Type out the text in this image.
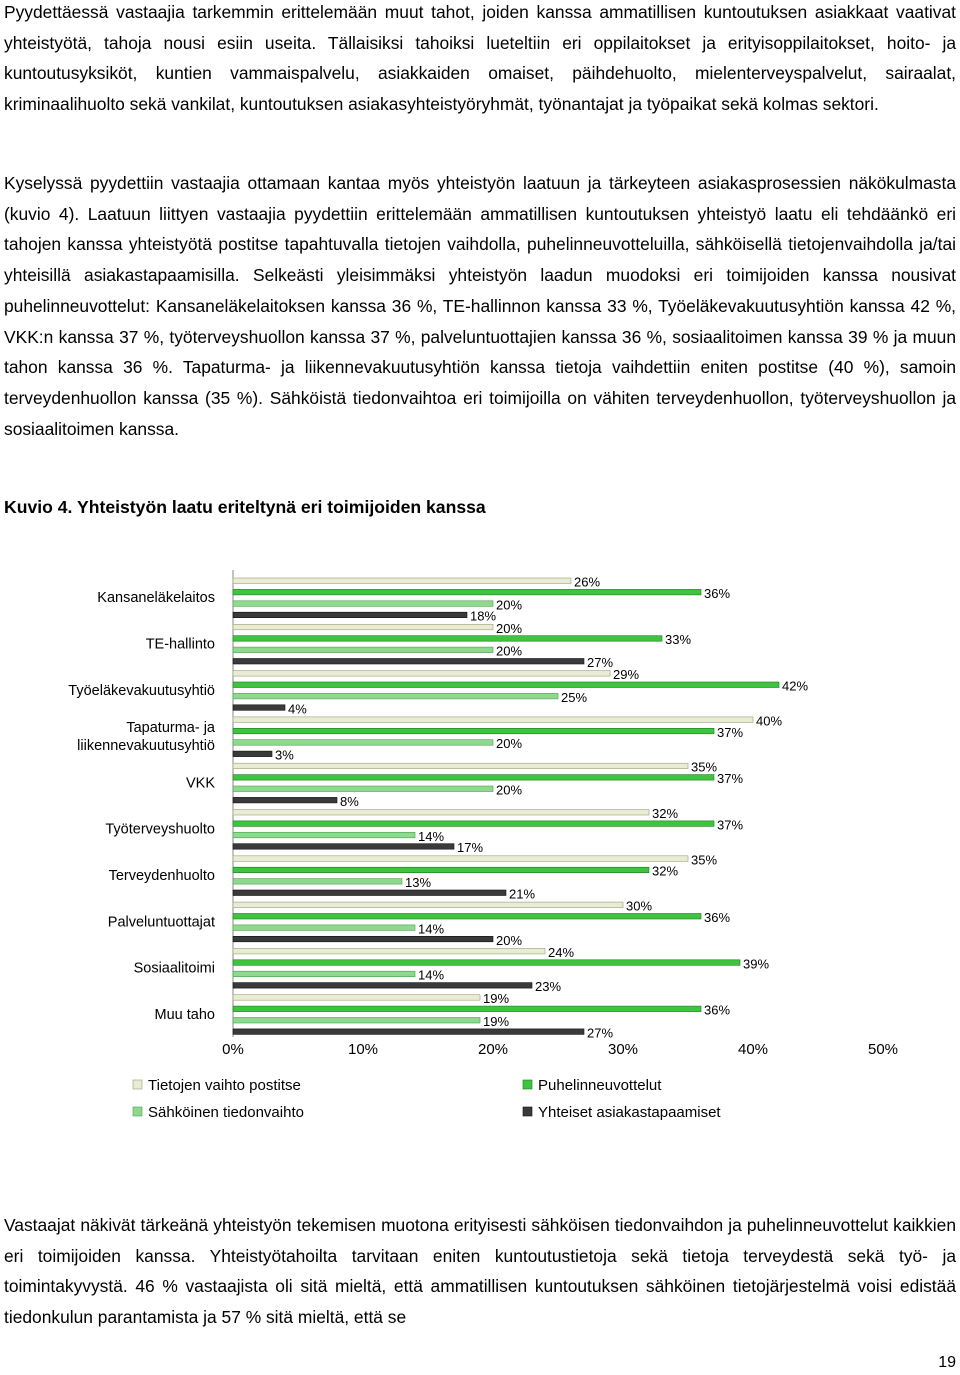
Pyydettäessä vastaajia tarkemmin erittelemään muut tahot, joiden kanssa ammatillisen kuntoutuksen asiakkaat vaativat yhteistyötä, tahoja nousi esiin useita. Tällaisiksi tahoiksi lueteltiin eri oppilaitokset ja erityisoppilaitokset, hoito- ja kuntoutusyksiköt, kuntien vammaispalvelu, asiakkaiden omaiset, päihdehuolto, mielenterveyspalvelut, sairaalat, kriminaalihuolto sekä vankilat, kuntoutuksen asiakasyhteistyöryhmät, työnantajat ja työpaikat sekä kolmas sektori.
Kyselyssä pyydettiin vastaajia ottamaan kantaa myös yhteistyön laatuun ja tärkeyteen asiakasprosessien näkökulmasta (kuvio 4). Laatuun liittyen vastaajia pyydettiin erittelemään ammatillisen kuntoutuksen yhteistyö laatu eli tehdäänkö eri tahojen kanssa yhteistyötä postitse tapahtuvalla tietojen vaihdolla, puhelinneuvotteluilla, sähköisellä tietojenvaihdolla ja/tai yhteisillä asiakastapaamisilla. Selkeästi yleisimmäksi yhteistyön laadun muodoksi eri toimijoiden kanssa nousivat puhelinneuvottelut: Kansaneläkelaitoksen kanssa 36 %, TE-hallinnon kanssa 33 %, Työeläkevakuutusyhtiön kanssa 42 %, VKK:n kanssa 37 %, työterveyshuollon kanssa 37 %, palveluntuottajien kanssa 36 %, sosiaalitoimen kanssa 39 % ja muun tahon kanssa 36 %. Tapaturma- ja liikennevakuutusyhtiön kanssa tietoja vaihdettiin eniten postitse (40 %), samoin terveydenhuollon kanssa (35 %). Sähköistä tiedonvaihtoa eri toimijoilla on vähiten terveydenhuollon, työterveyshuollon ja sosiaalitoimen kanssa.
Kuvio 4. Yhteistyön laatu eriteltynä eri toimijoiden kanssa
Kansaneläkelaitos
26%
36%
20%
18%
TE-hallinto
20%
33%
20%
27%
Työeläkevakuutusyhtiö
29%
42%
25%
4%
Tapaturma- ja
liikennevakuutusyhtiö
40%
37%
20%
3%
VKK
35%
37%
20%
8%
Työterveyshuolto
32%
37%
14%
17%
Terveydenhuolto
35%
32%
13%
21%
Palveluntuottajat
30%
36%
14%
20%
Sosiaalitoimi
24%
39%
14%
23%
Muu taho
19%
36%
19%
27%
0%	10%	20%	30%	40%	50%
Tietojen vaihto postitse	Puhelinneuvottelut
Sähköinen tiedonvaihto	Yhteiset asiakastapaamiset
Vastaajat näkivät tärkeänä yhteistyön tekemisen muotona erityisesti sähköisen tiedonvaihdon ja puhelinneuvottelut kaikkien eri toimijoiden kanssa. Yhteistyötahoilta tarvitaan eniten kuntoutustietoja sekä tietoja terveydestä sekä työ- ja toimintakyvystä. 46 % vastaajista oli sitä mieltä, että ammatillisen kuntoutuksen sähköinen tietojärjestelmä voisi edistää tiedonkulun parantamista ja 57 % sitä mieltä, että se
19
